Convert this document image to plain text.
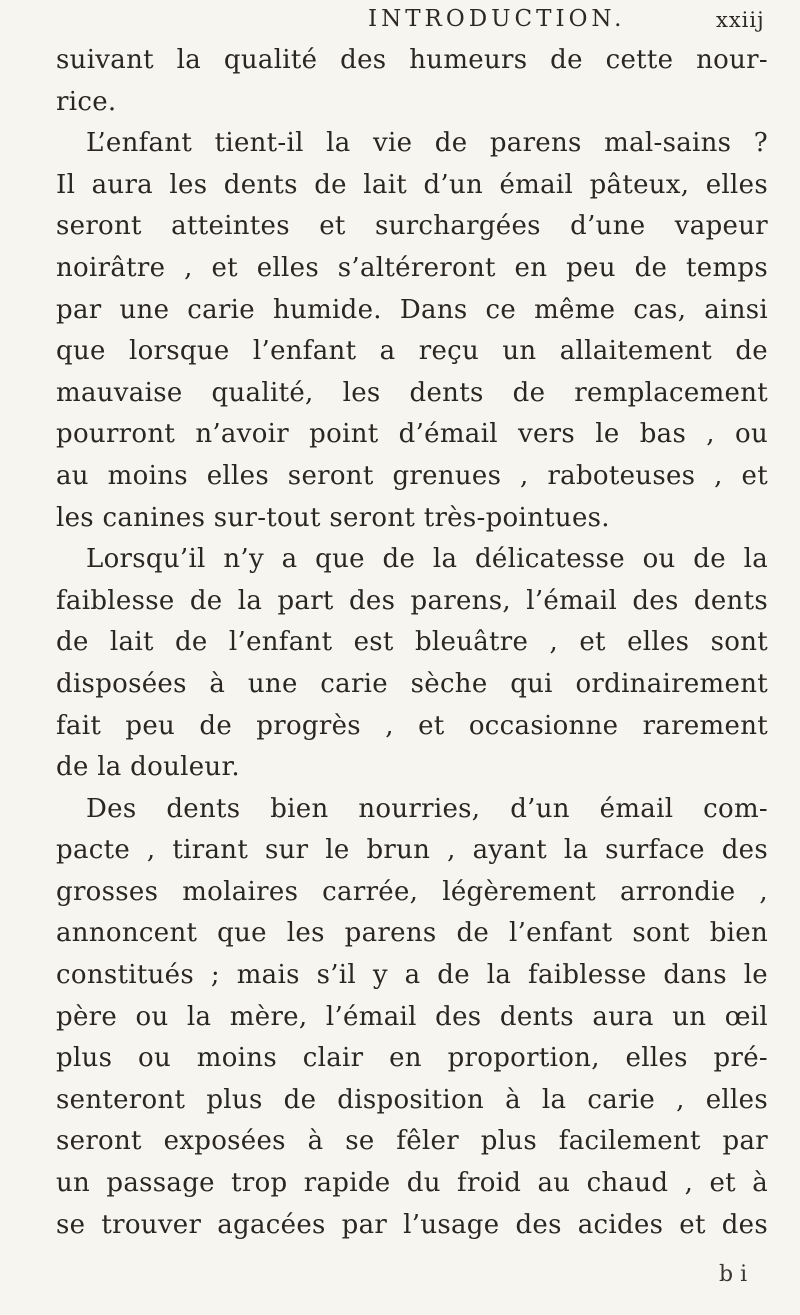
INTRODUCTION.	xxiij
suivant la qualité des humeurs de cette nour-
rice.
L’enfant tient-il la vie de parens mal-sains ?
Il aura les dents de lait d’un émail pâteux, elles
seront atteintes et surchargées d’une vapeur
noirâtre , et elles s’altéreront en peu de temps
par une carie humide. Dans ce même cas, ainsi
que lorsque l’enfant a reçu un allaitement de
mauvaise qualité, les dents de remplacement
pourront n’avoir point d’émail vers le bas , ou
au moins elles seront grenues , raboteuses , et
les canines sur-tout seront très-pointues.
Lorsqu’il n’y a que de la délicatesse ou de la
faiblesse de la part des parens, l’émail des dents
de lait de l’enfant est bleuâtre , et elles sont
disposées à une carie sèche qui ordinairement
fait peu de progrès , et occasionne rarement
de la douleur.
Des dents bien nourries, d’un émail com-
pacte , tirant sur le brun , ayant la surface des
grosses molaires carrée, légèrement arrondie ,
annoncent que les parens de l’enfant sont bien
constitués ; mais s’il y a de la faiblesse dans le
père ou la mère, l’émail des dents aura un œil
plus ou moins clair en proportion, elles pré-
senteront plus de disposition à la carie , elles
seront exposées à se fêler plus facilement par
un passage trop rapide du froid au chaud , et à
se trouver agacées par l’usage des acides et des
b i
